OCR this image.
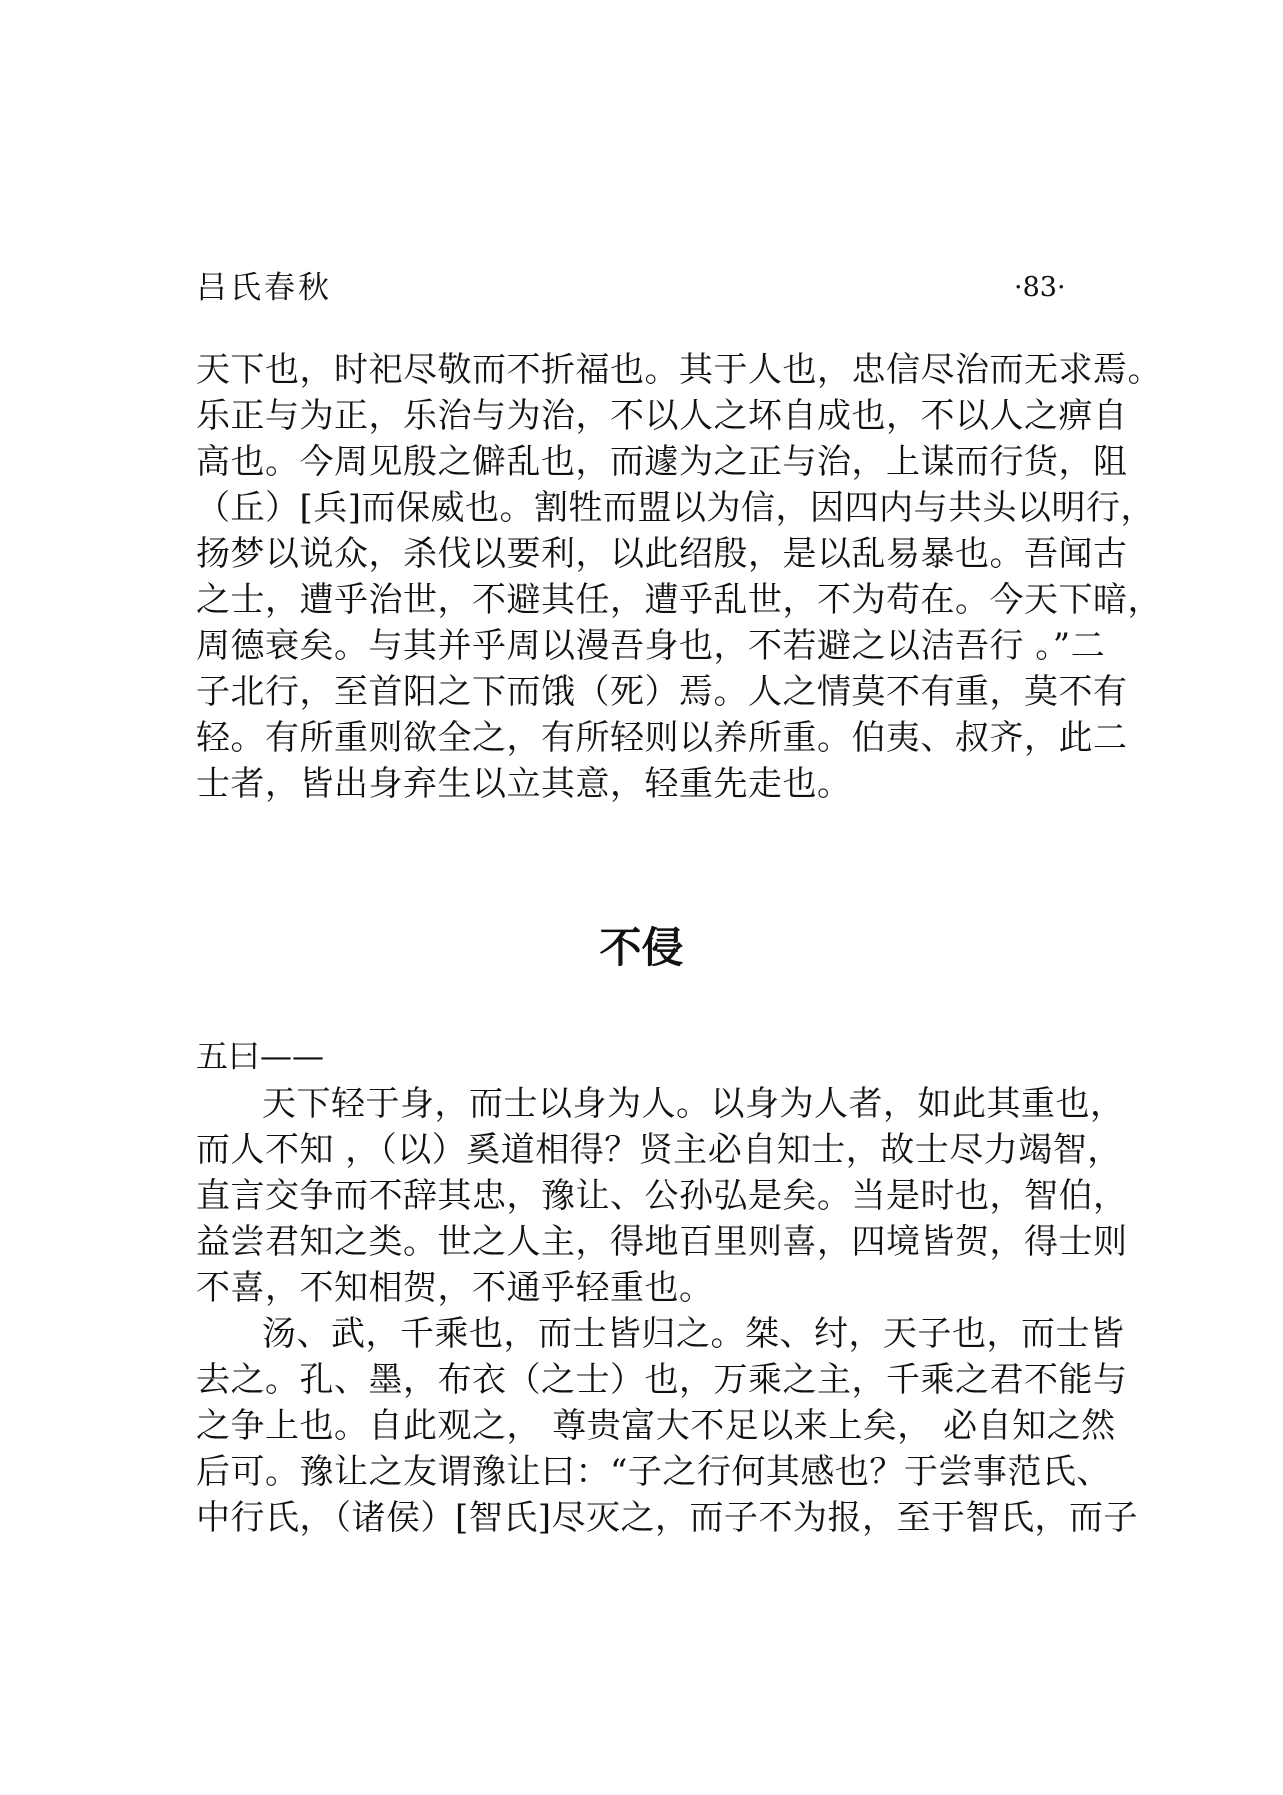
吕氏春秋	·83·
天下也，时祀尽敬而不折福也。其于人也，忠信尽治而无求焉。
乐正与为正，乐治与为治，不以人之坏自成也，不以人之痹自
高也。今周见殷之僻乱也，而遽为之正与治，上谋而行货，阻
（丘）[兵]而保威也。割牲而盟以为信，因四内与共头以明行，
扬梦以说众，杀伐以要利，以此绍殷，是以乱易暴也。吾闻古
之士，遭乎治世，不避其任，遭乎乱世，不为苟在。今天下暗，
周德衰矣。与其并乎周以漫吾身也，不若避之以洁吾行 。”二
子北行，至首阳之下而饿（死）焉。人之情莫不有重，莫不有
轻。有所重则欲全之，有所轻则以养所重。伯夷、叔齐，此二
士者，皆出身弃生以立其意，轻重先走也。
不侵
五曰——
天下轻于身，而士以身为人。以身为人者，如此其重也，
而人不知 ，（以）奚道相得？贤主必自知士，故士尽力竭智，
直言交争而不辞其忠，豫让、公孙弘是矣。当是时也，智伯，
益尝君知之类。世之人主，得地百里则喜，四境皆贺，得士则
不喜，不知相贺，不通乎轻重也。
汤、武，千乘也，而士皆归之。桀、纣，天子也，而士皆
去之。孔、墨，布衣（之士）也，万乘之主，千乘之君不能与
之争上也。自此观之， 尊贵富大不足以来上矣， 必自知之然
后可。豫让之友谓豫让曰：“子之行何其感也？于尝事范氏、
中行氏，（诸侯）[智氏]尽灭之，而子不为报，至于智氏，而子
